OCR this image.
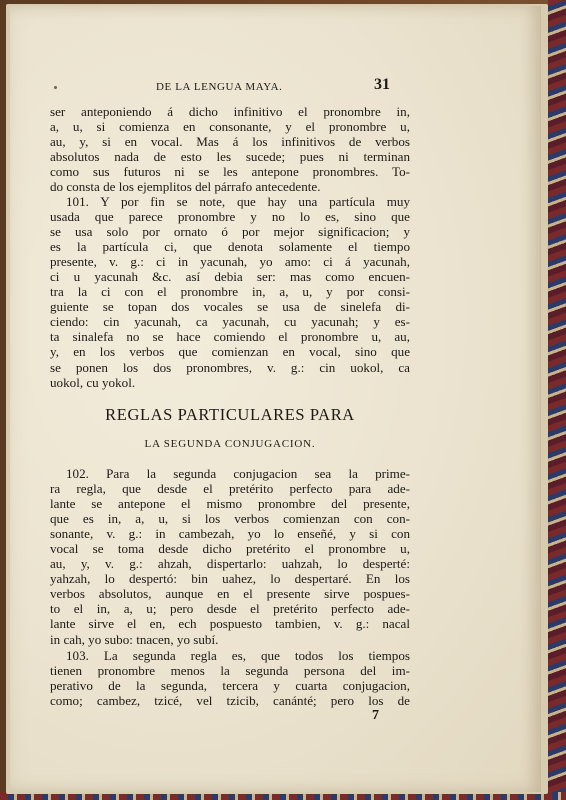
DE LA LENGUA MAYA.	31
ser anteponiendo á dicho infinitivo el pronombre in,
a, u, si comienza en consonante, y el pronombre u,
au, y, si en vocal. Mas á los infinitivos de verbos
absolutos nada de esto les sucede; pues ni terminan
como sus futuros ni se les antepone pronombres. To-
do consta de los ejemplitos del párrafo antecedente.
101. Y por fin se note, que hay una partícula muy
usada que parece pronombre y no lo es, sino que
se usa solo por ornato ó por mejor significacion; y
es la partícula ci, que denota solamente el tiempo
presente, v. g.: ci in yacunah, yo amo: ci á yacunah,
ci u yacunah &c. así debia ser: mas como encuen-
tra la ci con el pronombre in, a, u, y por consi-
guiente se topan dos vocales se usa de sinelefa di-
ciendo: cin yacunah, ca yacunah, cu yacunah; y es-
ta sinalefa no se hace comiendo el pronombre u, au,
y, en los verbos que comienzan en vocal, sino que
se ponen los dos pronombres, v. g.: cin uokol, ca
uokol, cu yokol.
REGLAS PARTICULARES PARA
LA SEGUNDA CONJUGACION.
102. Para la segunda conjugacion sea la prime-
ra regla, que desde el pretérito perfecto para ade-
lante se antepone el mismo pronombre del presente,
que es in, a, u, si los verbos comienzan con con-
sonante, v. g.: in cambezah, yo lo enseñé, y si con
vocal se toma desde dicho pretérito el pronombre u,
au, y, v. g.: ahzah, dispertarlo: uahzah, lo desperté:
yahzah, lo despertó: bin uahez, lo despertaré. En los
verbos absolutos, aunque en el presente sirve pospues-
to el in, a, u; pero desde el pretérito perfecto ade-
lante sirve el en, ech pospuesto tambien, v. g.: nacal
in cah, yo subo: tnacen, yo subí.
103. La segunda regla es, que todos los tiempos
tienen pronombre menos la segunda persona del im-
perativo de la segunda, tercera y cuarta conjugacion,
como; cambez, tzicé, vel tzicib, canánté; pero los de
7
